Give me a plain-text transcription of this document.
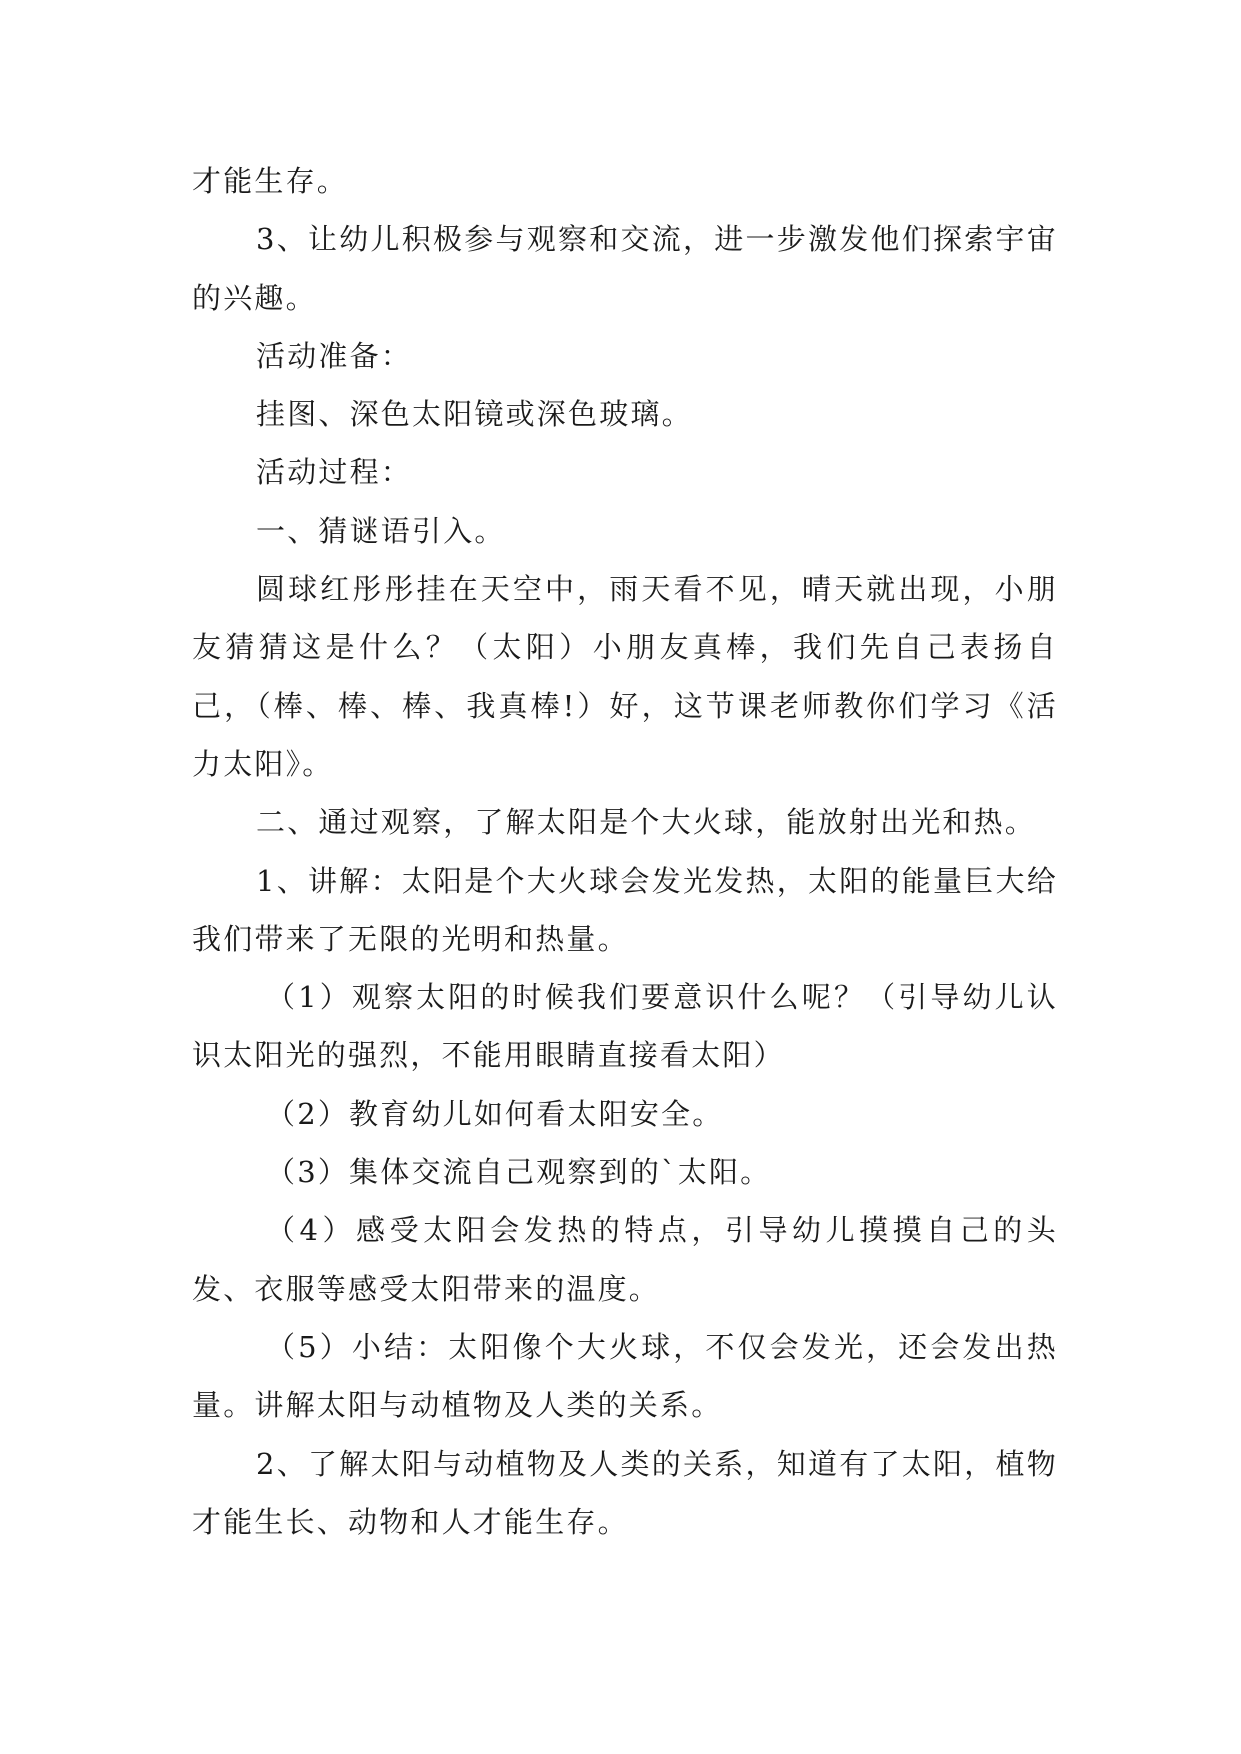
才能生存。

3、让幼儿积极参与观察和交流，进一步激发他们探索宇宙的兴趣。

活动准备：

挂图、深色太阳镜或深色玻璃。

活动过程：

一、猜谜语引入。

圆球红彤彤挂在天空中，雨天看不见，晴天就出现，小朋友猜猜这是什么？（太阳）小朋友真棒，我们先自己表扬自己，（棒、棒、棒、我真棒!）好，这节课老师教你们学习《活力太阳》。

二、通过观察，了解太阳是个大火球，能放射出光和热。

1、讲解：太阳是个大火球会发光发热，太阳的能量巨大给我们带来了无限的光明和热量。

（1）观察太阳的时候我们要意识什么呢？（引导幼儿认识太阳光的强烈，不能用眼睛直接看太阳）

（2）教育幼儿如何看太阳安全。

（3）集体交流自己观察到的`太阳。

（4）感受太阳会发热的特点，引导幼儿摸摸自己的头发、衣服等感受太阳带来的温度。

（5）小结：太阳像个大火球，不仅会发光，还会发出热量。讲解太阳与动植物及人类的关系。

2、了解太阳与动植物及人类的关系，知道有了太阳，植物才能生长、动物和人才能生存。
